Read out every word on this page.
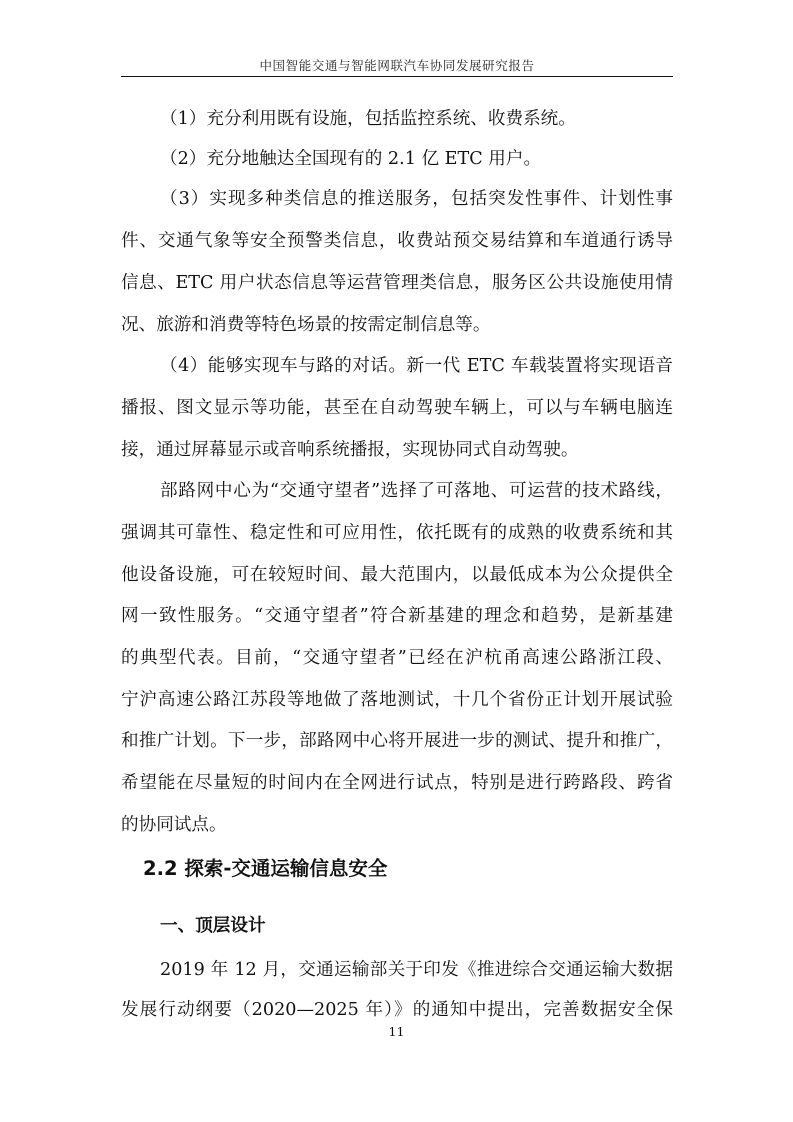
中国智能交通与智能网联汽车协同发展研究报告
（1）充分利用既有设施，包括监控系统、收费系统。
（2）充分地触达全国现有的 2.1 亿 ETC 用户。
（3）实现多种类信息的推送服务，包括突发性事件、计划性事
件、交通气象等安全预警类信息，收费站预交易结算和车道通行诱导
信息、ETC 用户状态信息等运营管理类信息，服务区公共设施使用情
况、旅游和消费等特色场景的按需定制信息等。
（4）能够实现车与路的对话。新一代 ETC 车载装置将实现语音
播报、图文显示等功能，甚至在自动驾驶车辆上，可以与车辆电脑连
接，通过屏幕显示或音响系统播报，实现协同式自动驾驶。
部路网中心为“交通守望者”选择了可落地、可运营的技术路线，
强调其可靠性、稳定性和可应用性，依托既有的成熟的收费系统和其
他设备设施，可在较短时间、最大范围内，以最低成本为公众提供全
网一致性服务。“交通守望者”符合新基建的理念和趋势，是新基建
的典型代表。目前，“交通守望者”已经在沪杭甬高速公路浙江段、
宁沪高速公路江苏段等地做了落地测试，十几个省份正计划开展试验
和推广计划。下一步，部路网中心将开展进一步的测试、提升和推广，
希望能在尽量短的时间内在全网进行试点，特别是进行跨路段、跨省
的协同试点。
2.2 探索-交通运输信息安全
一、顶层设计
2019 年 12 月，交通运输部关于印发《推进综合交通运输大数据
发展行动纲要（2020—2025 年）》的通知中提出，完善数据安全保
11
